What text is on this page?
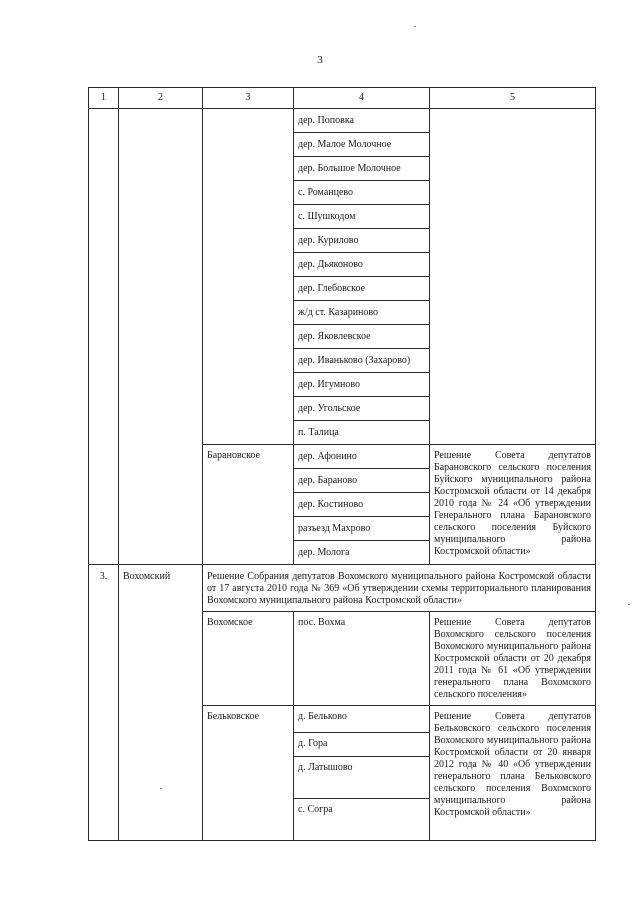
3
1	2	3	4	5
			дер. Поповка	
			дер. Малое Молочное	
			дер. Большое Молочное	
			с. Романцево	
			с. Шушкодом	
			дер. Курилово	
			дер. Дьяконово	
			дер. Глебовское	
			ж/д ст. Казариново	
			дер. Яковлевское	
			дер. Иваньково (Захарово)	
			дер. Игумново	
			дер. Угольское	
			п. Талица	
		Барановское	дер. Афонино	Решение Совета депутатов Барановского сельского поселения Буйского муниципального района Костромской области от 14 декабря 2010 года № 24 «Об утверждении Генерального плана Барановского сельского поселения Буйского муниципального района Костромской области»
			дер. Бараново	
			дер. Костиново	
			разъезд Махрово	
			дер. Молога	
3.	Вохомский	Решение Собрания депутатов Вохомского муниципального района Костромской области от 17 августа 2010 года № 369 «Об утверждении схемы территориального планирования Вохомского муниципального района Костромской области»		
		Вохомское	пос. Вохма	Решение Совета депутатов Вохомского сельского поселения Вохомского муниципального района Костромской области от 20 декабря 2011 года № 61 «Об утверждении генерального плана Вохомского сельского поселения»
		Бельковское	д. Бельково	Решение Совета депутатов Бельковского сельского поселения Вохомского муниципального района Костромской области от 20 января 2012 года № 40 «Об утверждении генерального плана Бельковского сельского поселения Вохомского муниципального района Костромской области»
			д. Гора	
			д. Латышово	
			с. Согра	
